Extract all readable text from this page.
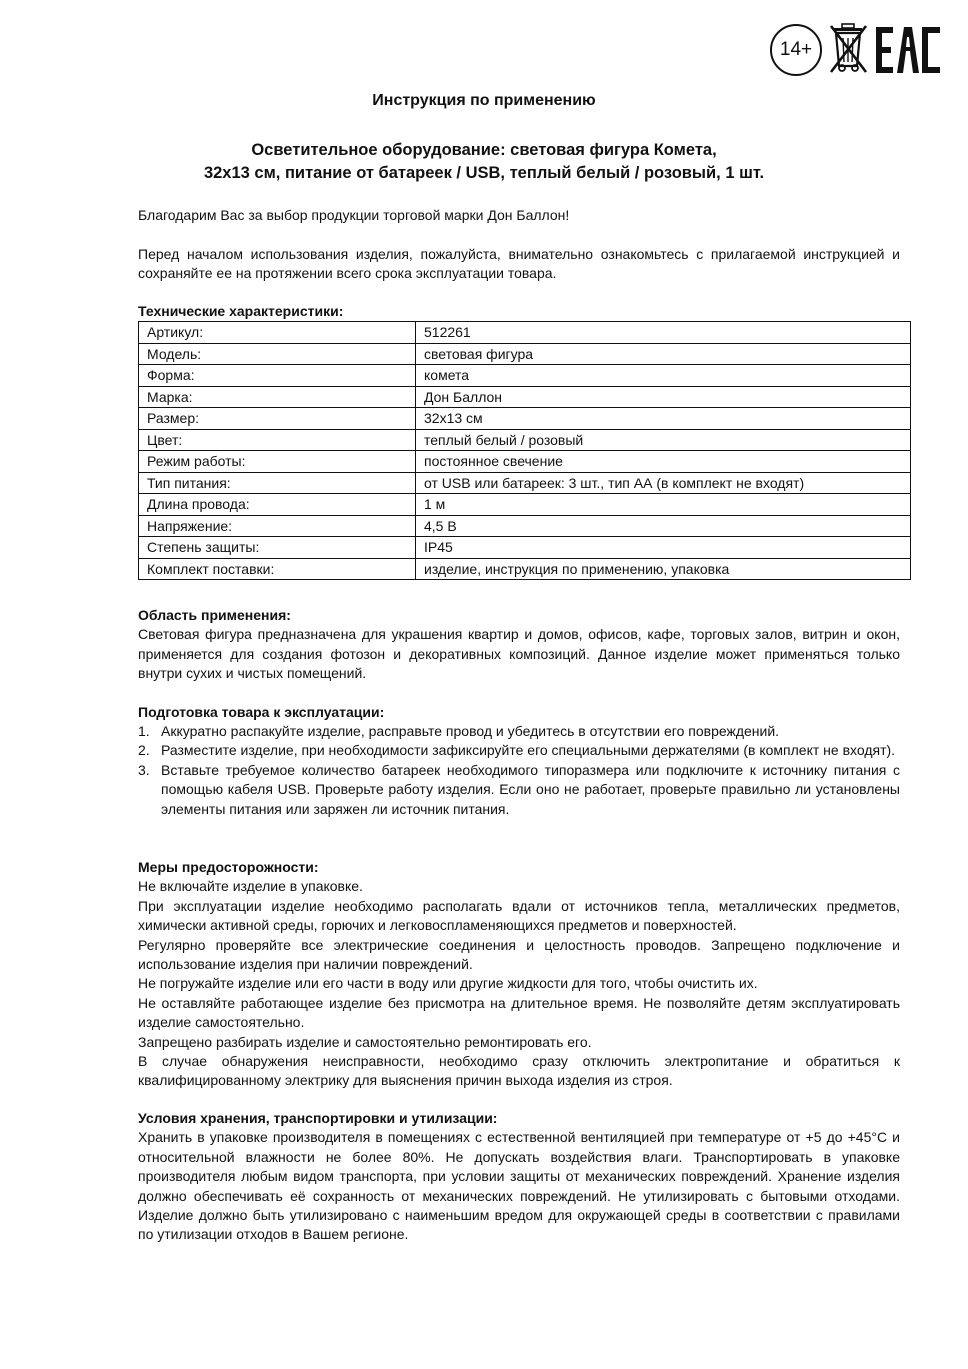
14+
Инструкция по применению
Осветительное оборудование: световая фигура Комета,
32х13 см, питание от батареек / USB, теплый белый / розовый, 1 шт.

Благодарим Вас за выбор продукции торговой марки Дон Баллон!

Перед началом использования изделия, пожалуйста, внимательно ознакомьтесь с прилагаемой инструкцией и сохраняйте ее на протяжении всего срока эксплуатации товара.

Технические характеристики:

Артикул:	512261
Модель:	световая фигура
Форма:	комета
Марка:	Дон Баллон
Размер:	32х13 см
Цвет:	теплый белый / розовый
Режим работы:	постоянное свечение
Тип питания:	от USB или батареек: 3 шт., тип АА (в комплект не входят)
Длина провода:	1 м
Напряжение:	4,5 В
Степень защиты:	IP45
Комплект поставки:	изделие, инструкция по применению, упаковка

Область применения:

Световая фигура предназначена для украшения квартир и домов, офисов, кафе, торговых залов, витрин и окон, применяется для создания фотозон и декоративных композиций. Данное изделие может применяться только внутри сухих и чистых помещений.

Подготовка товара к эксплуатации:

1. Аккуратно распакуйте изделие, расправьте провод и убедитесь в отсутствии его повреждений.
2. Разместите изделие, при необходимости зафиксируйте его специальными держателями (в комплект не входят).
3. Вставьте требуемое количество батареек необходимого типоразмера или подключите к источнику питания с помощью кабеля USB. Проверьте работу изделия. Если оно не работает, проверьте правильно ли установлены элементы питания или заряжен ли источник питания.

Меры предосторожности:

Не включайте изделие в упаковке.

При эксплуатации изделие необходимо располагать вдали от источников тепла, металлических предметов, химически активной среды, горючих и легковоспламеняющихся предметов и поверхностей.

Регулярно проверяйте все электрические соединения и целостность проводов. Запрещено подключение и использование изделия при наличии повреждений.

Не погружайте изделие или его части в воду или другие жидкости для того, чтобы очистить их.

Не оставляйте работающее изделие без присмотра на длительное время. Не позволяйте детям эксплуатировать изделие самостоятельно.

Запрещено разбирать изделие и самостоятельно ремонтировать его.

В случае обнаружения неисправности, необходимо сразу отключить электропитание и обратиться к квалифицированному электрику для выяснения причин выхода изделия из строя.

Условия хранения, транспортировки и утилизации:

Хранить в упаковке производителя в помещениях с естественной вентиляцией при температуре от +5 до +45°С и относительной влажности не более 80%. Не допускать воздействия влаги. Транспортировать в упаковке производителя любым видом транспорта, при условии защиты от механических повреждений. Хранение изделия должно обеспечивать её сохранность от механических повреждений. Не утилизировать с бытовыми отходами. Изделие должно быть утилизировано с наименьшим вредом для окружающей среды в соответствии с правилами по утилизации отходов в Вашем регионе.
